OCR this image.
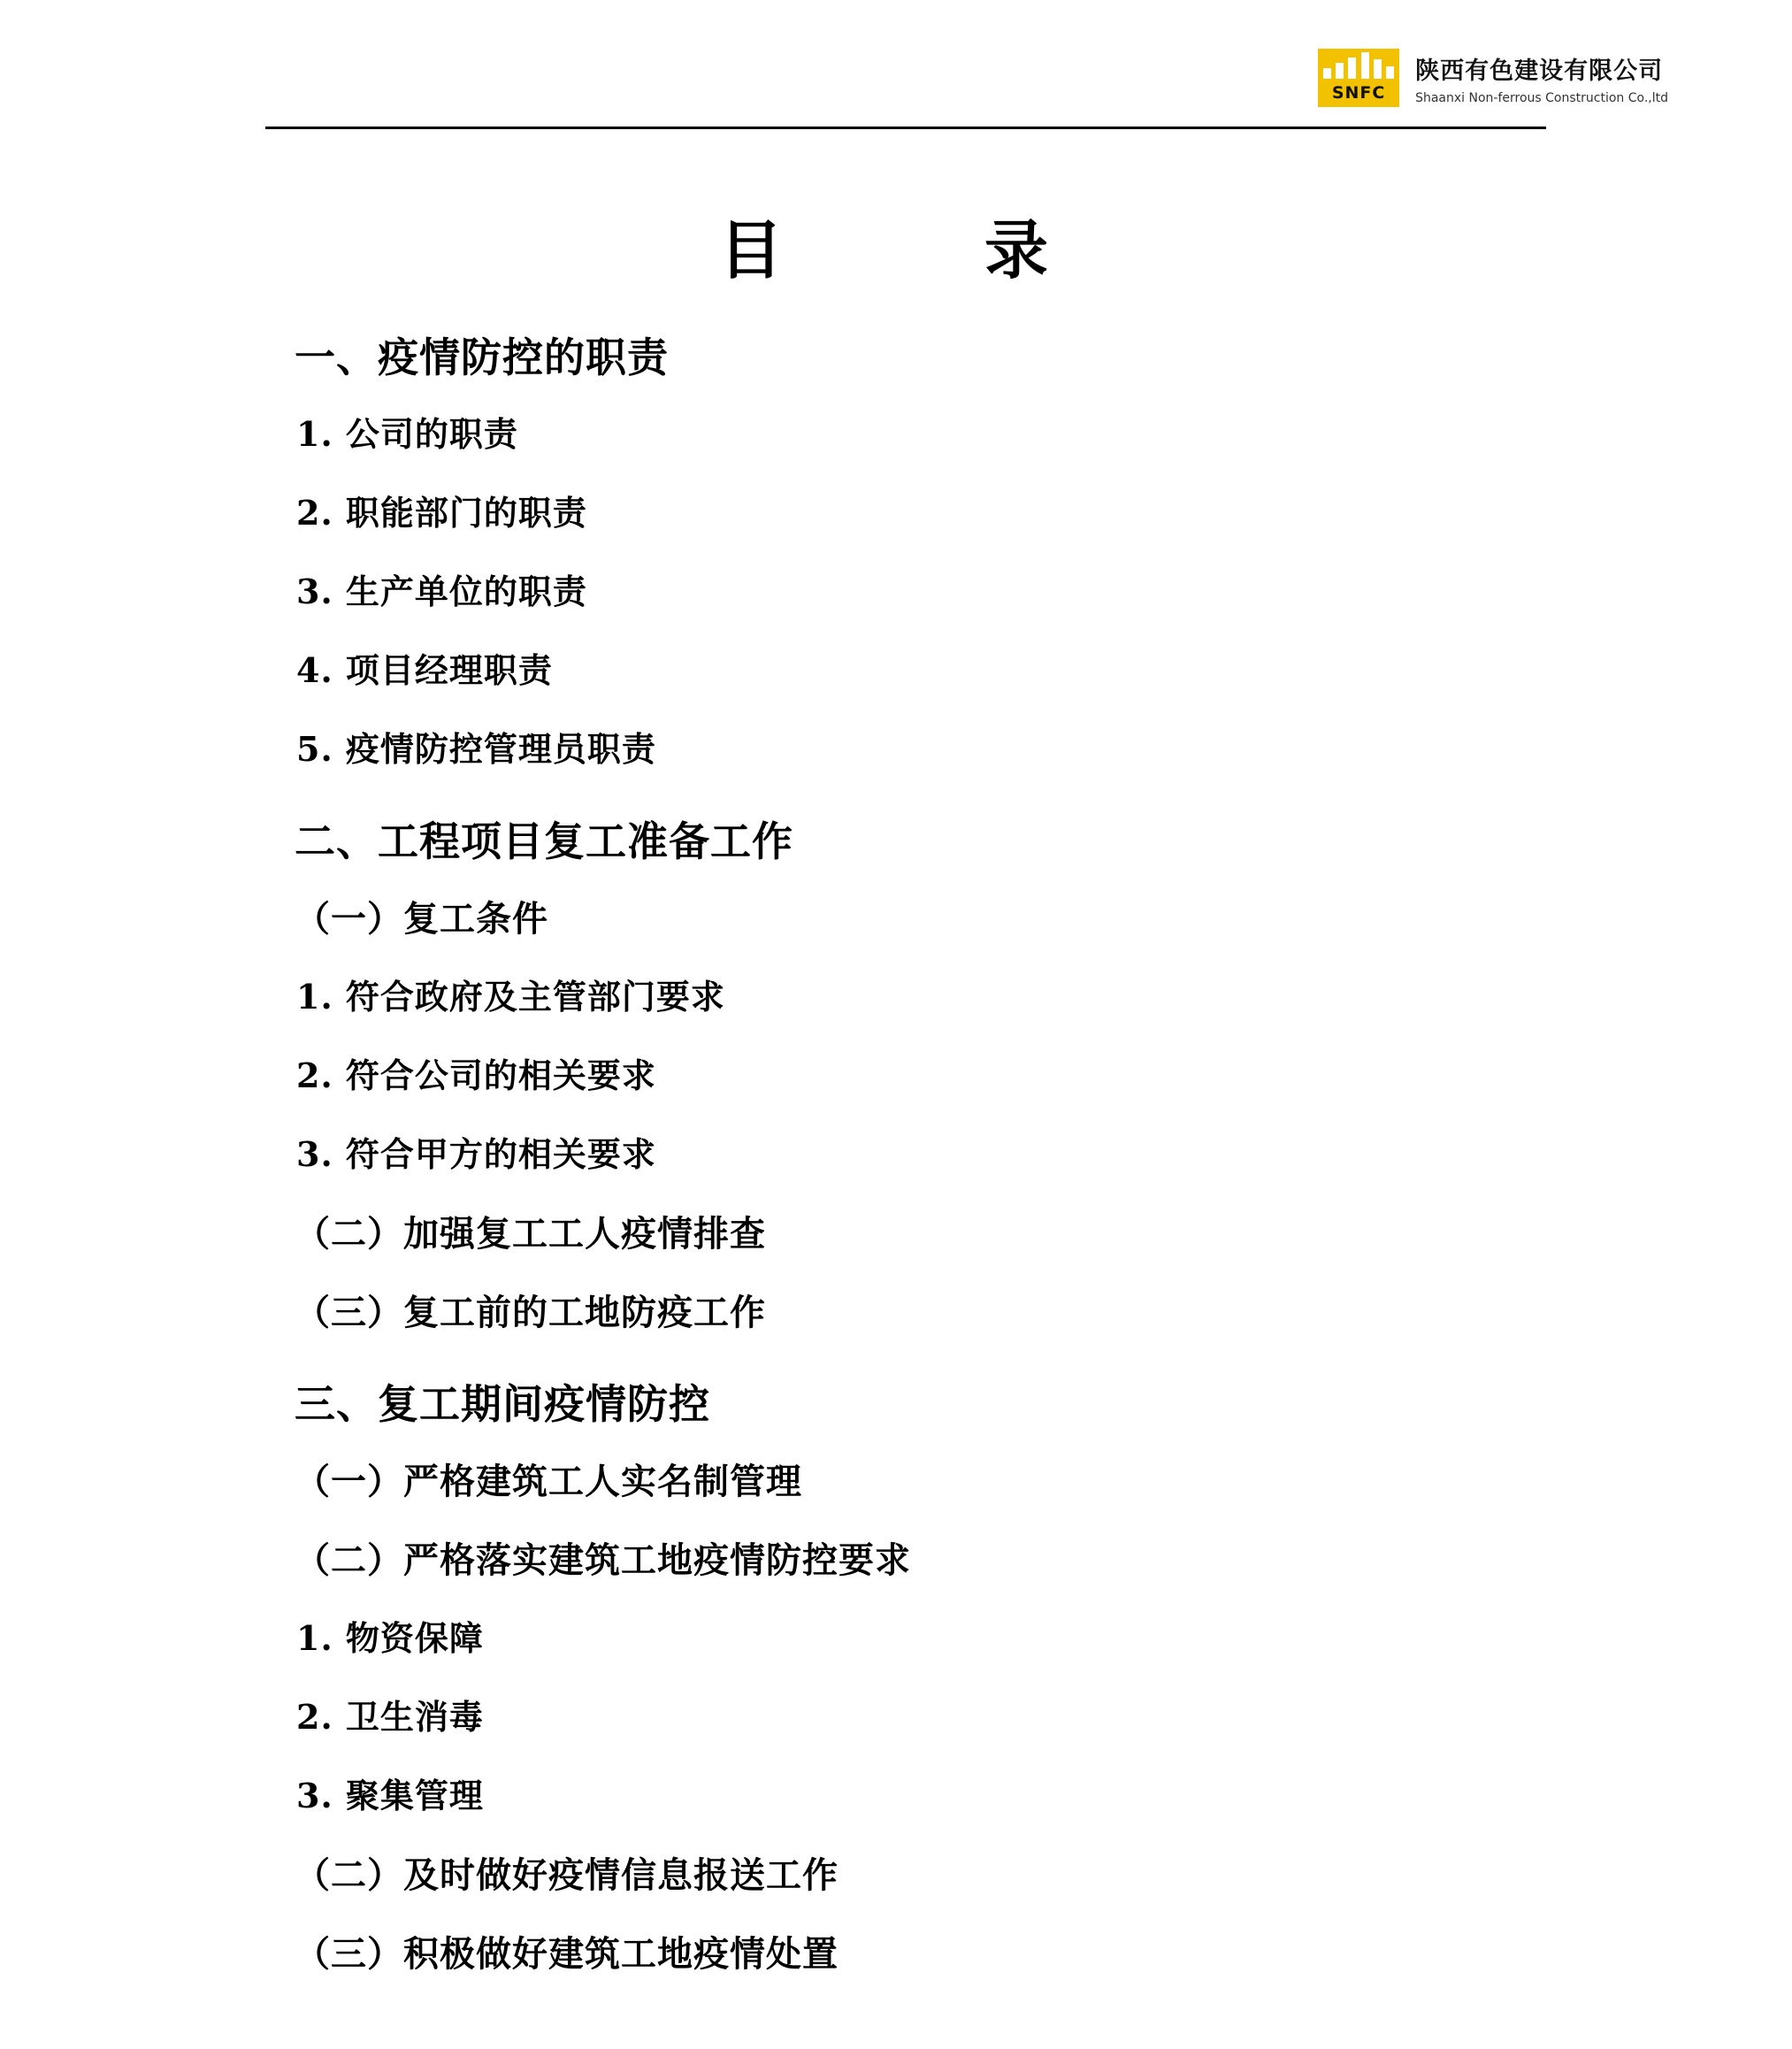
SNFC
陕西有色建设有限公司
Shaanxi Non-ferrous Construction Co.,ltd
目　　录
一、疫情防控的职责
1. 公司的职责
2. 职能部门的职责
3. 生产单位的职责
4. 项目经理职责
5. 疫情防控管理员职责
二、工程项目复工准备工作
（一）复工条件
1. 符合政府及主管部门要求
2. 符合公司的相关要求
3. 符合甲方的相关要求
（二）加强复工工人疫情排查
（三）复工前的工地防疫工作
三、复工期间疫情防控
（一）严格建筑工人实名制管理
（二）严格落实建筑工地疫情防控要求
1. 物资保障
2. 卫生消毒
3. 聚集管理
（二）及时做好疫情信息报送工作
（三）积极做好建筑工地疫情处置
